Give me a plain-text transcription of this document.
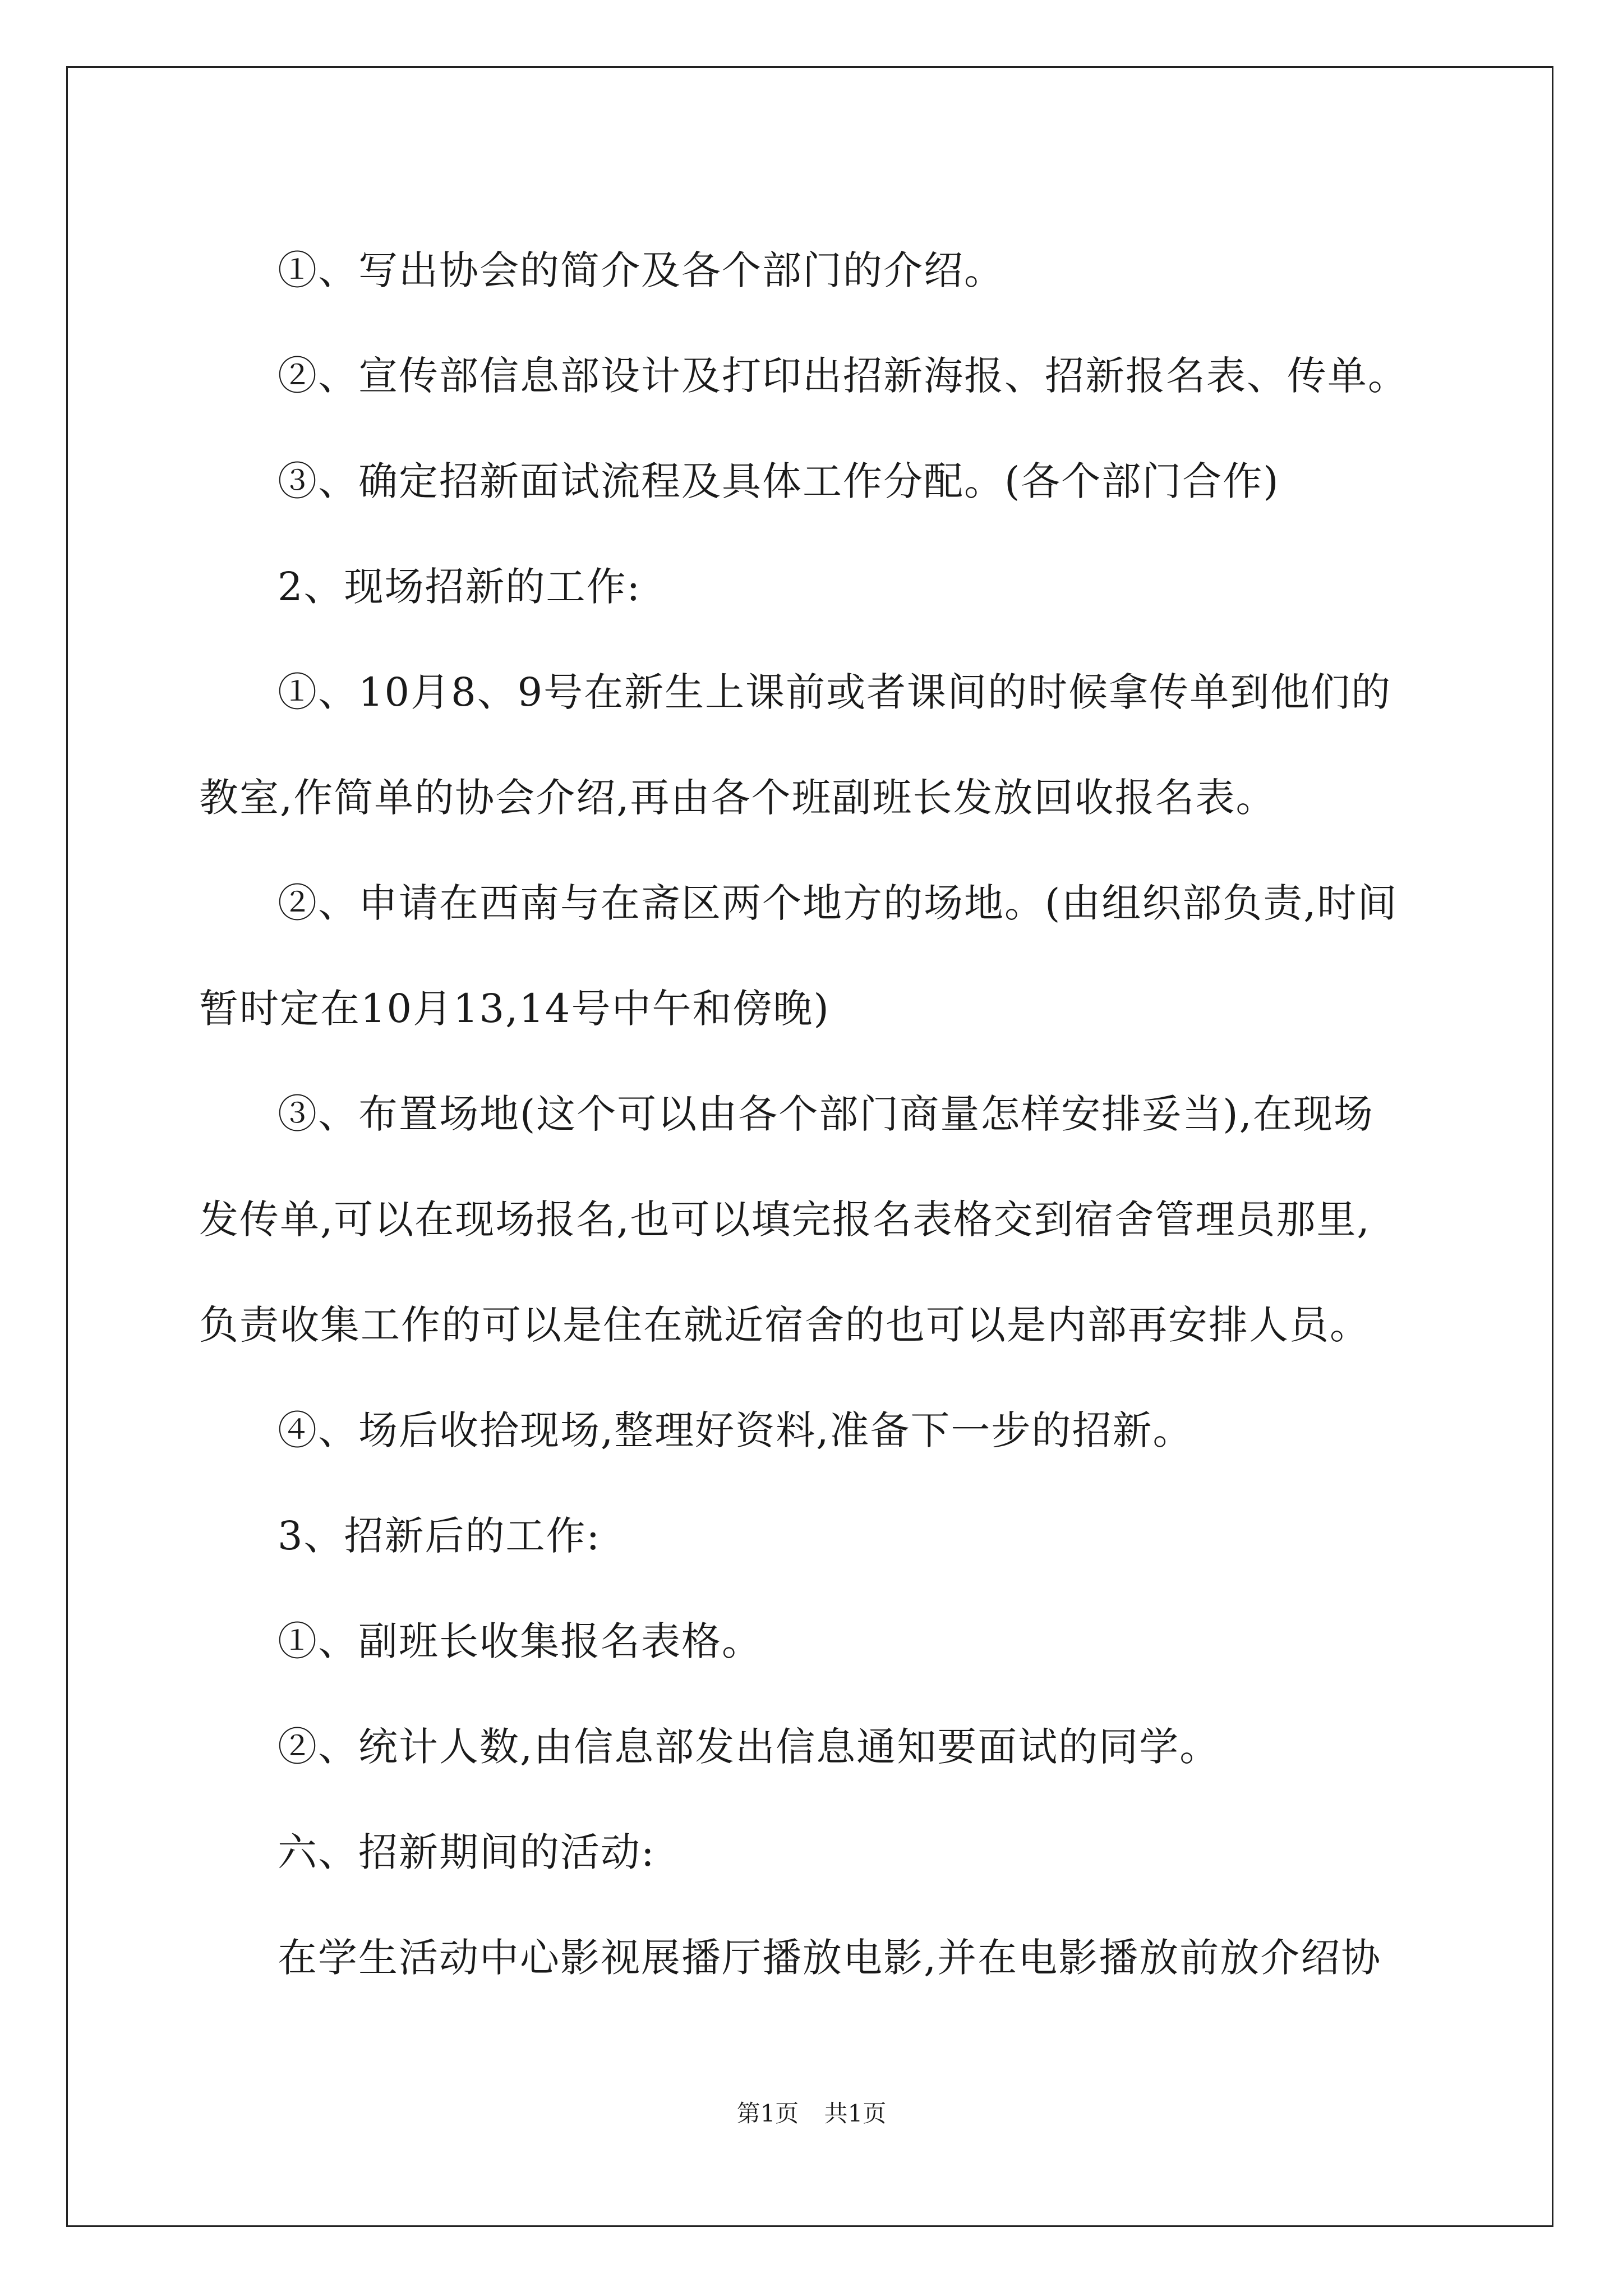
①、写出协会的简介及各个部门的介绍。

②、宣传部信息部设计及打印出招新海报、招新报名表、传单。

③、确定招新面试流程及具体工作分配。(各个部门合作)

2、现场招新的工作:

①、10月8、9号在新生上课前或者课间的时候拿传单到他们的

教室,作简单的协会介绍,再由各个班副班长发放回收报名表。

②、申请在西南与在斋区两个地方的场地。(由组织部负责,时间

暂时定在10月13,14号中午和傍晚)

③、布置场地(这个可以由各个部门商量怎样安排妥当),在现场

发传单,可以在现场报名,也可以填完报名表格交到宿舍管理员那里,

负责收集工作的可以是住在就近宿舍的也可以是内部再安排人员。

④、场后收拾现场,整理好资料,准备下一步的招新。

3、招新后的工作:

①、副班长收集报名表格。

②、统计人数,由信息部发出信息通知要面试的同学。

六、招新期间的活动:

在学生活动中心影视展播厅播放电影,并在电影播放前放介绍协

第1页 共1页
